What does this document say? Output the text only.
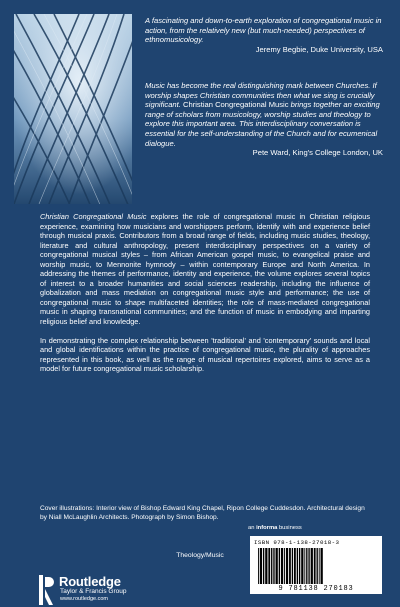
A fascinating and down-to-earth exploration of congregational music in action, from the relatively new (but much-needed) perspectives of ethnomusicology.
Jeremy Begbie, Duke University, USA
Music has become the real distinguishing mark between Churches. If worship shapes Christian communities then what we sing is crucially significant. Christian Congregational Music brings together an exciting range of scholars from musicology, worship studies and theology to explore this important area. This interdisciplinary conversation is essential for the self-understanding of the Church and for ecumenical dialogue.
Pete Ward, King's College London, UK

Christian Congregational Music explores the role of congregational music in Christian religious experience, examining how musicians and worshippers perform, identify with and experience belief through musical praxis. Contributors from a broad range of fields, including music studies, theology, literature and cultural anthropology, present interdisciplinary perspectives on a variety of congregational musical styles – from African American gospel music, to evangelical praise and worship music, to Mennonite hymnody – within contemporary Europe and North America. In addressing the themes of performance, identity and experience, the volume explores several topics of interest to a broader humanities and social sciences readership, including the influence of globalization and mass mediation on congregational music style and performance; the use of congregational music to shape multifaceted identities; the role of mass-mediated congregational music in shaping transnational communities; and the function of music in embodying and imparting religious belief and knowledge.

In demonstrating the complex relationship between 'traditional' and 'contemporary' sounds and local and global identifications within the practice of congregational music, the plurality of approaches represented in this book, as well as the range of musical repertoires explored, aims to serve as a model for future congregational music scholarship.

Cover illustrations: Interior view of Bishop Edward King Chapel, Ripon College Cuddesdon. Architectural design by Niall McLaughlin Architects. Photograph by Simon Bishop.
Theology/Music
an informa business
ISBN 978-1-138-27018-3
9 781138 270183
Routledge
Taylor & Francis Group
www.routledge.com
